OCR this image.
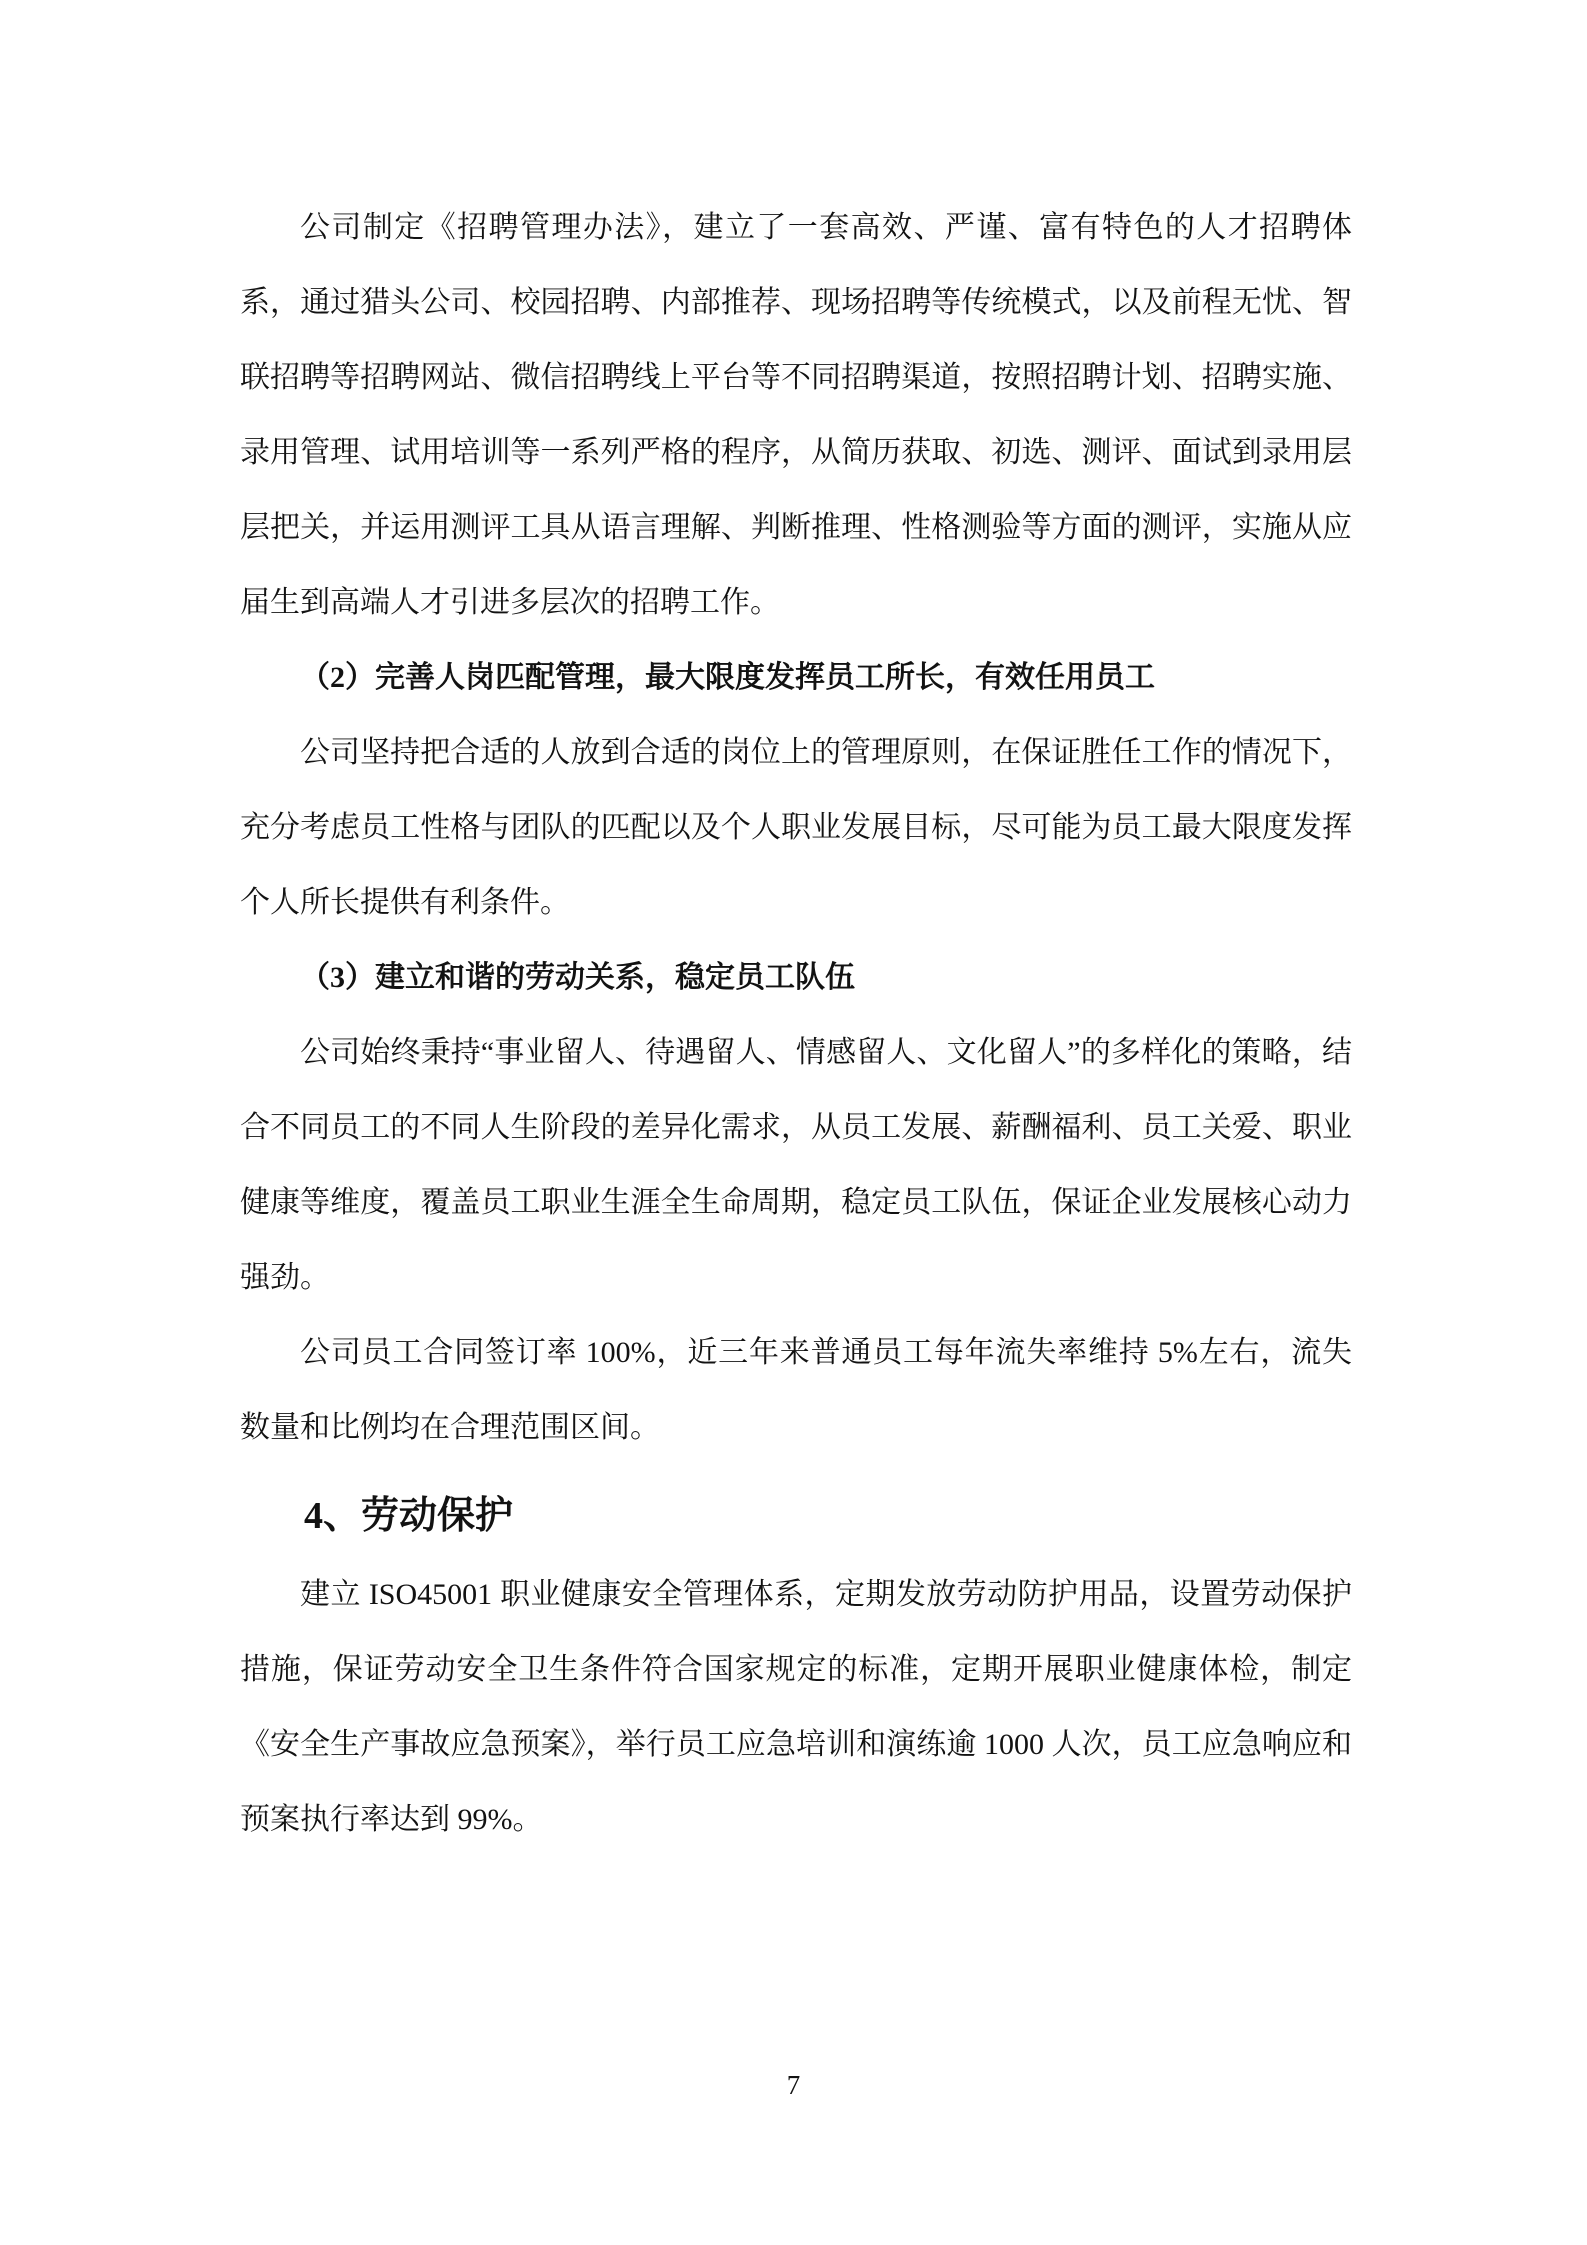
公司制定《招聘管理办法》，建立了一套高效、严谨、富有特色的人才招聘体系，通过猎头公司、校园招聘、内部推荐、现场招聘等传统模式，以及前程无忧、智联招聘等招聘网站、微信招聘线上平台等不同招聘渠道，按照招聘计划、招聘实施、录用管理、试用培训等一系列严格的程序，从简历获取、初选、测评、面试到录用层层把关，并运用测评工具从语言理解、判断推理、性格测验等方面的测评，实施从应届生到高端人才引进多层次的招聘工作。

（2）完善人岗匹配管理，最大限度发挥员工所长，有效任用员工

公司坚持把合适的人放到合适的岗位上的管理原则，在保证胜任工作的情况下，充分考虑员工性格与团队的匹配以及个人职业发展目标，尽可能为员工最大限度发挥个人所长提供有利条件。

（3）建立和谐的劳动关系，稳定员工队伍

公司始终秉持“事业留人、待遇留人、情感留人、文化留人”的多样化的策略，结合不同员工的不同人生阶段的差异化需求，从员工发展、薪酬福利、员工关爱、职业健康等维度，覆盖员工职业生涯全生命周期，稳定员工队伍，保证企业发展核心动力强劲。

公司员工合同签订率 100%，近三年来普通员工每年流失率维持 5%左右，流失数量和比例均在合理范围区间。

4、劳动保护

建立 ISO45001 职业健康安全管理体系，定期发放劳动防护用品，设置劳动保护措施，保证劳动安全卫生条件符合国家规定的标准，定期开展职业健康体检，制定《安全生产事故应急预案》，举行员工应急培训和演练逾 1000 人次，员工应急响应和预案执行率达到 99%。

7
